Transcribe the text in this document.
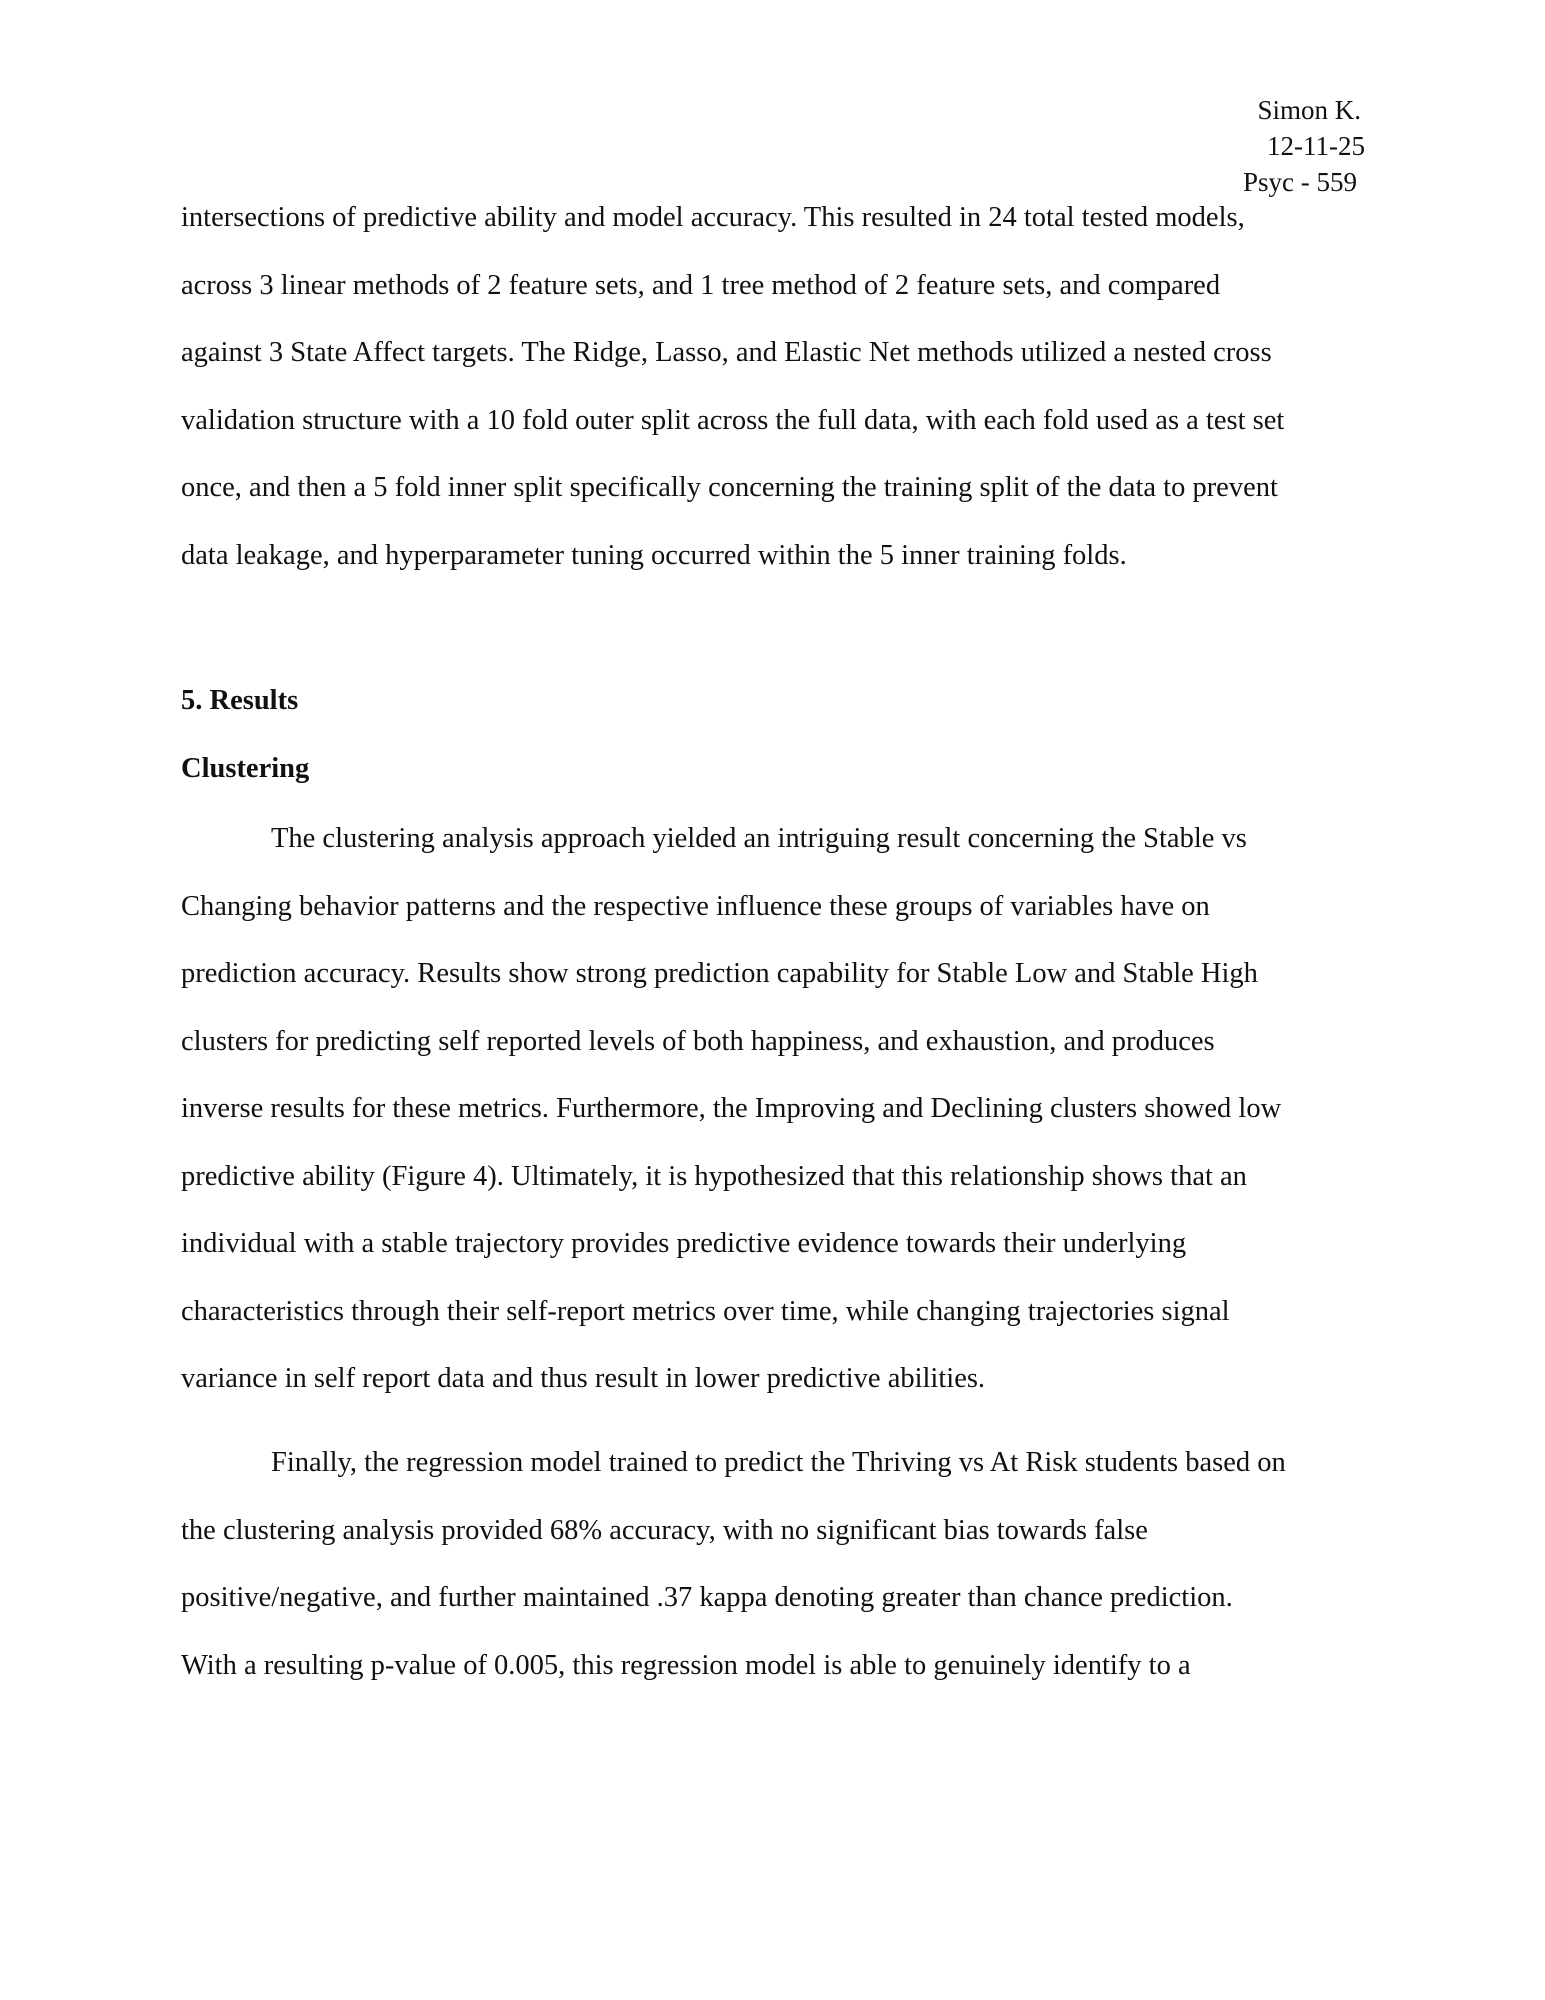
Simon K.
12-11-25
Psyc - 559

intersections of predictive ability and model accuracy. This resulted in 24 total tested models,

across 3 linear methods of 2 feature sets, and 1 tree method of 2 feature sets, and compared

against 3 State Affect targets. The Ridge, Lasso, and Elastic Net methods utilized a nested cross

validation structure with a 10 fold outer split across the full data, with each fold used as a test set

once, and then a 5 fold inner split specifically concerning the training split of the data to prevent

data leakage, and hyperparameter tuning occurred within the 5 inner training folds.

5. Results
Clustering

The clustering analysis approach yielded an intriguing result concerning the Stable vs

Changing behavior patterns and the respective influence these groups of variables have on

prediction accuracy. Results show strong prediction capability for Stable Low and Stable High

clusters for predicting self reported levels of both happiness, and exhaustion, and produces

inverse results for these metrics. Furthermore, the Improving and Declining clusters showed low

predictive ability (Figure 4). Ultimately, it is hypothesized that this relationship shows that an

individual with a stable trajectory provides predictive evidence towards their underlying

characteristics through their self-report metrics over time, while changing trajectories signal

variance in self report data and thus result in lower predictive abilities.

Finally, the regression model trained to predict the Thriving vs At Risk students based on

the clustering analysis provided 68% accuracy, with no significant bias towards false

positive/negative, and further maintained .37 kappa denoting greater than chance prediction.

With a resulting p-value of 0.005, this regression model is able to genuinely identify to a
